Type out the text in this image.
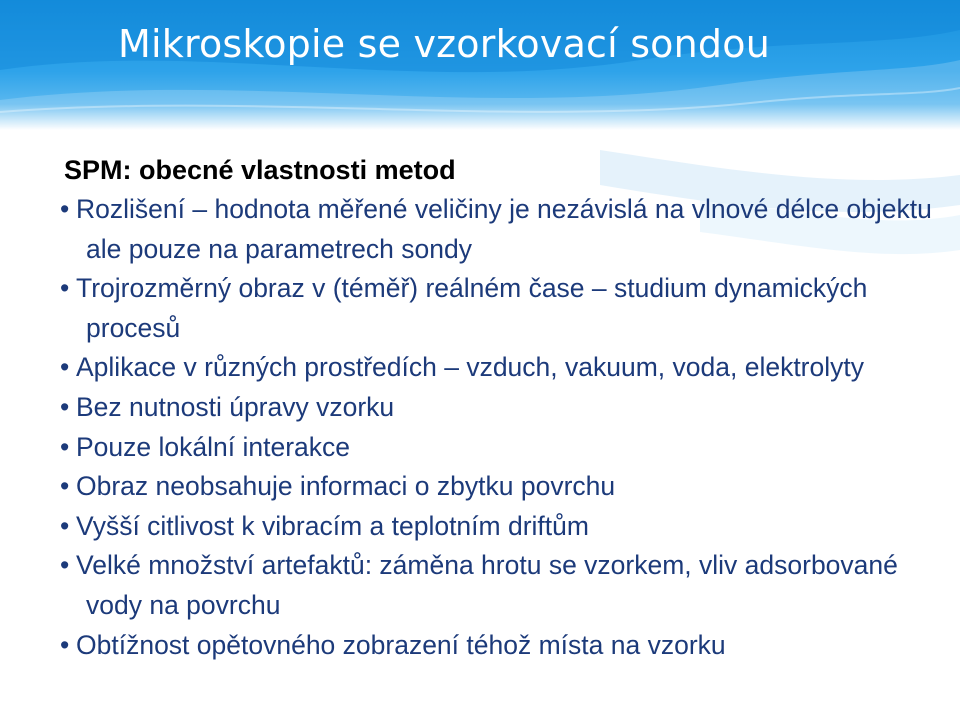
Mikroskopie se vzorkovací sondou

SPM: obecné vlastnosti metod

• Rozlišení – hodnota měřené veličiny je nezávislá na vlnové délce objektu ale pouze na parametrech sondy
• Trojrozměrný obraz v (téměř) reálném čase – studium dynamických procesů
• Aplikace v různých prostředích – vzduch, vakuum, voda, elektrolyty
• Bez nutnosti úpravy vzorku
• Pouze lokální interakce
• Obraz neobsahuje informaci o zbytku povrchu
• Vyšší citlivost k vibracím a teplotním driftům
• Velké množství artefaktů: záměna hrotu se vzorkem, vliv adsorbované vody na povrchu
• Obtížnost opětovného zobrazení téhož místa na vzorku
